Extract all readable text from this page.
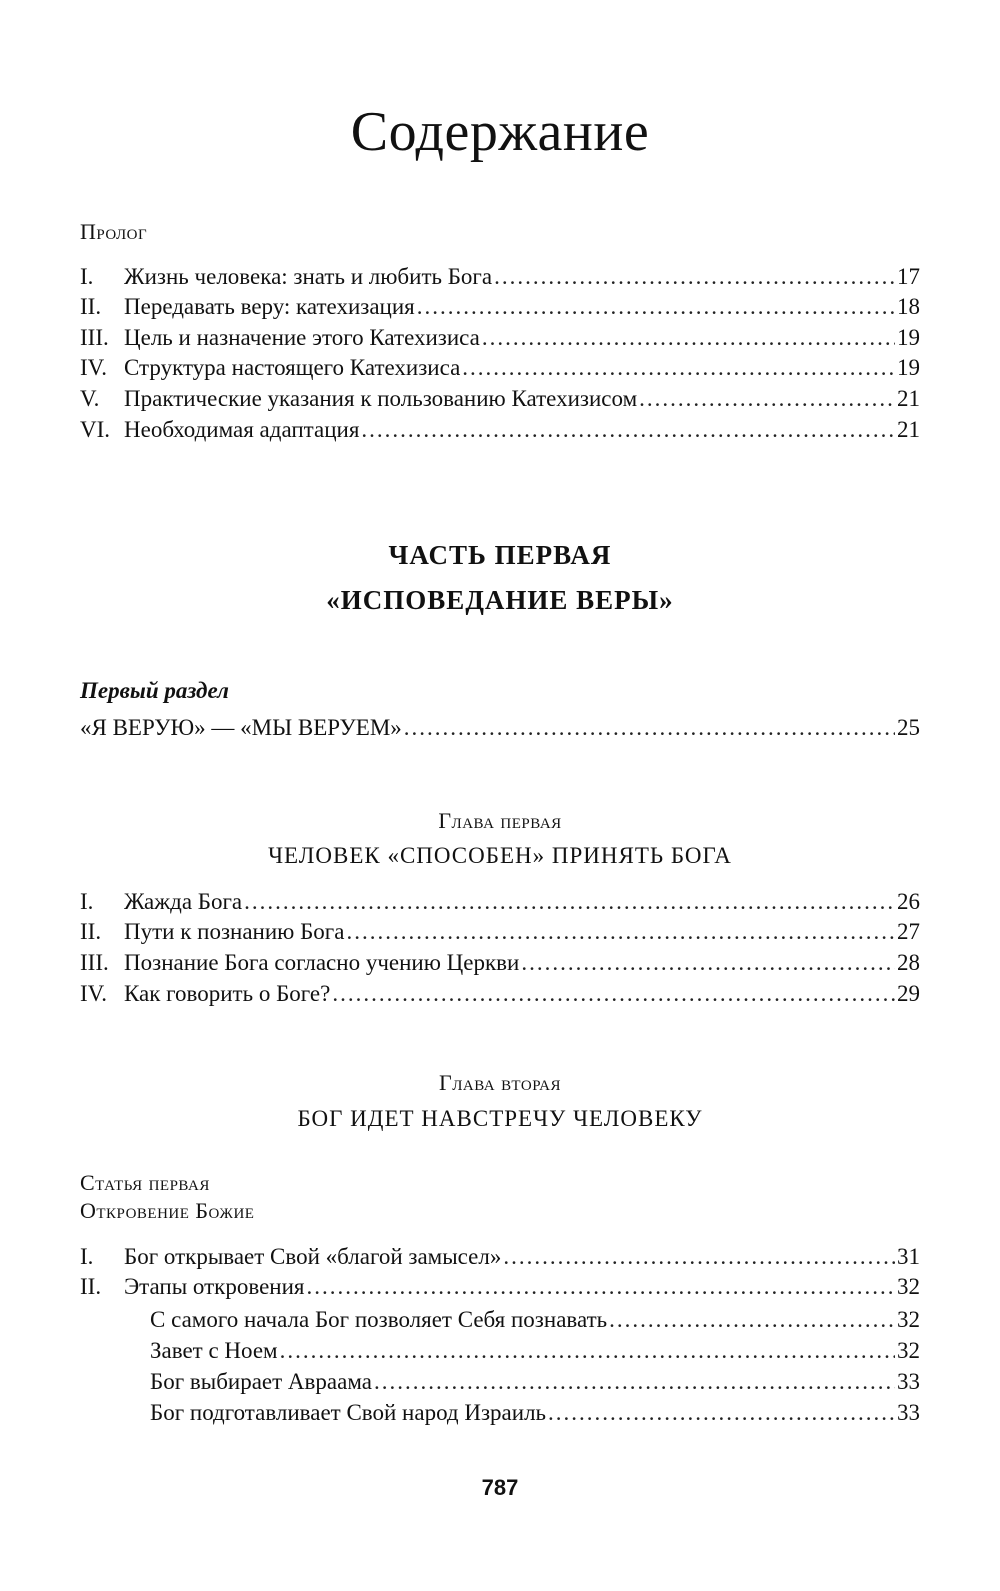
Содержание
Пролог
I.	Жизнь человека: знать и любить Бога .....	17
II. Передавать веру: катехизация .....	18
III. Цель и назначение этого Катехизиса .....	19
IV. Структура настоящего Катехизиса .....	19
V.	Практические указания к пользованию Катехизисом .....	21
VI. Необходимая адаптация .....	21
ЧАСТЬ ПЕРВАЯ
«ИСПОВЕДАНИЕ ВЕРЫ»
Первый раздел
«Я ВЕРУЮ» — «МЫ ВЕРУЕМ» .....	25
Глава первая
ЧЕЛОВЕК «СПОСОБЕН» ПРИНЯТЬ БОГА
I.	Жажда Бога .....	26
II. Пути к познанию Бога .....	27
III. Познание Бога согласно учению Церкви .....	28
IV. Как говорить о Боге? .....	29
Глава вторая
БОГ ИДЕТ НАВСТРЕЧУ ЧЕЛОВЕКУ
Статья первая
Откровение Божие
I.	Бог открывает Свой «благой замысел» .....	31
II. Этапы откровения .....	32
С самого начала Бог позволяет Себя познавать .....	32
Завет с Ноем .....	32
Бог выбирает Авраама .....	33
Бог подготавливает Свой народ Израиль .....	33
787
